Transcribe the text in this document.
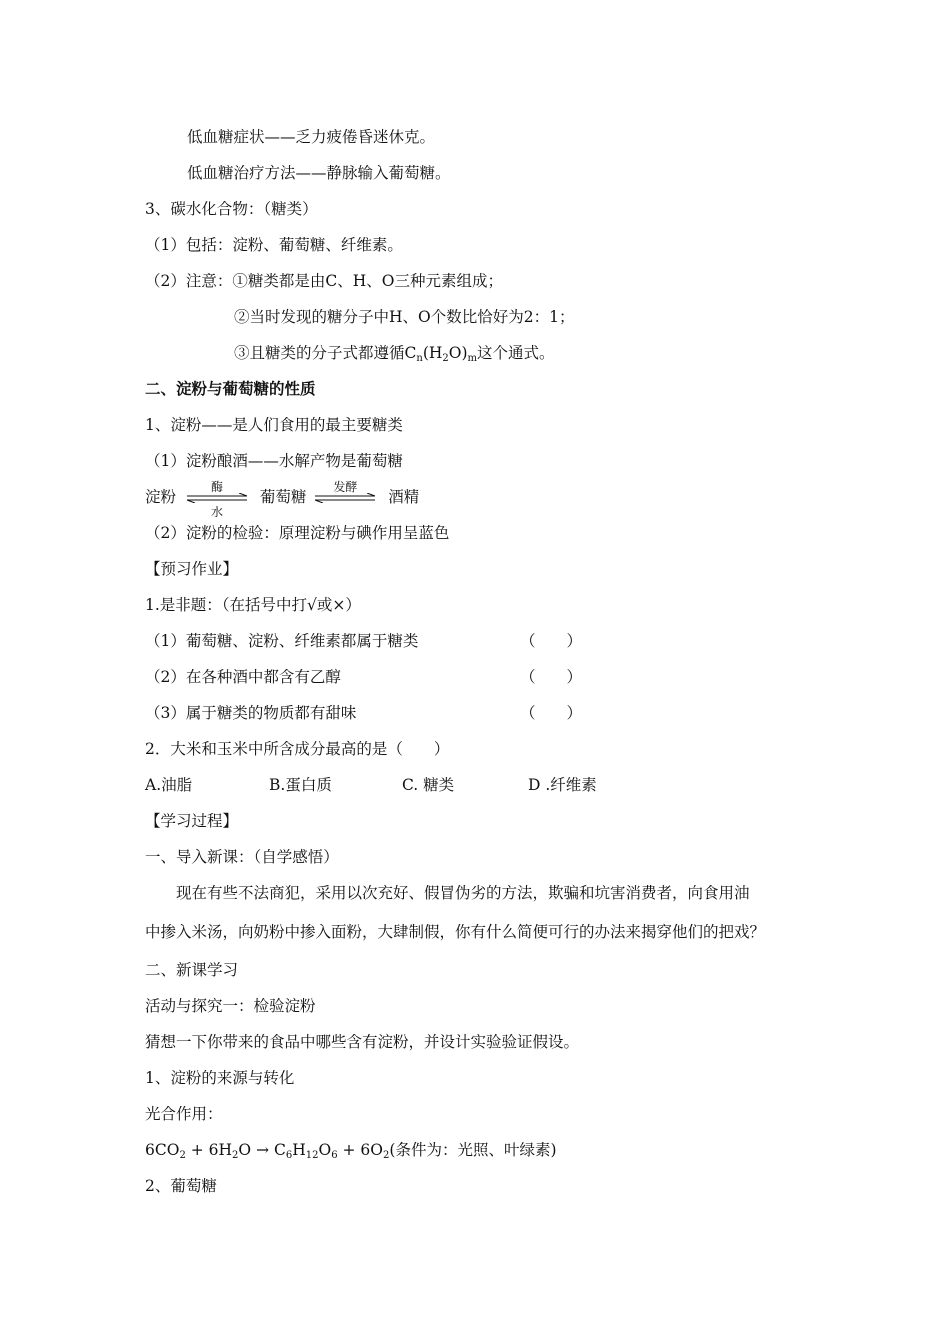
低血糖症状——乏力疲倦昏迷休克。
低血糖治疗方法——静脉输入葡萄糖。
3、碳水化合物：（糖类）
（1）包括：淀粉、葡萄糖、纤维素。
（2）注意：①糖类都是由C、H、O三种元素组成；
②当时发现的糖分子中H、O个数比恰好为2：1；
③且糖类的分子式都遵循$C_n(H_2O)_m$这个通式。
二、淀粉与葡萄糖的性质
1、淀粉——是人们食用的最主要糖类
（1）淀粉酿酒——水解产物是葡萄糖
淀粉
酶
水
葡萄糖
发酵
酒精
（2）淀粉的检验：原理淀粉与碘作用呈蓝色
【预习作业】
1.是非题：（在括号中打√或×）
（1）葡萄糖、淀粉、纤维素都属于糖类	（　　）
（2）在各种酒中都含有乙醇	（　　）
（3）属于糖类的物质都有甜味	（　　）
2．大米和玉米中所含成分最高的是（　　）
A.油脂	B.蛋白质	C. 糖类	D .纤维素
【学习过程】
一、导入新课：（自学感悟）
现在有些不法商犯，采用以次充好、假冒伪劣的方法，欺骗和坑害消费者，向食用油
中掺入米汤，向奶粉中掺入面粉，大肆制假，你有什么简便可行的办法来揭穿他们的把戏？
二、新课学习
活动与探究一：检验淀粉
猜想一下你带来的食品中哪些含有淀粉，并设计实验验证假设。
1、淀粉的来源与转化
光合作用：
$6CO_2 + 6H_2O \to C_6H_{12}O_6 + 6O_2$(条件为：光照、叶绿素)
2、葡萄糖
